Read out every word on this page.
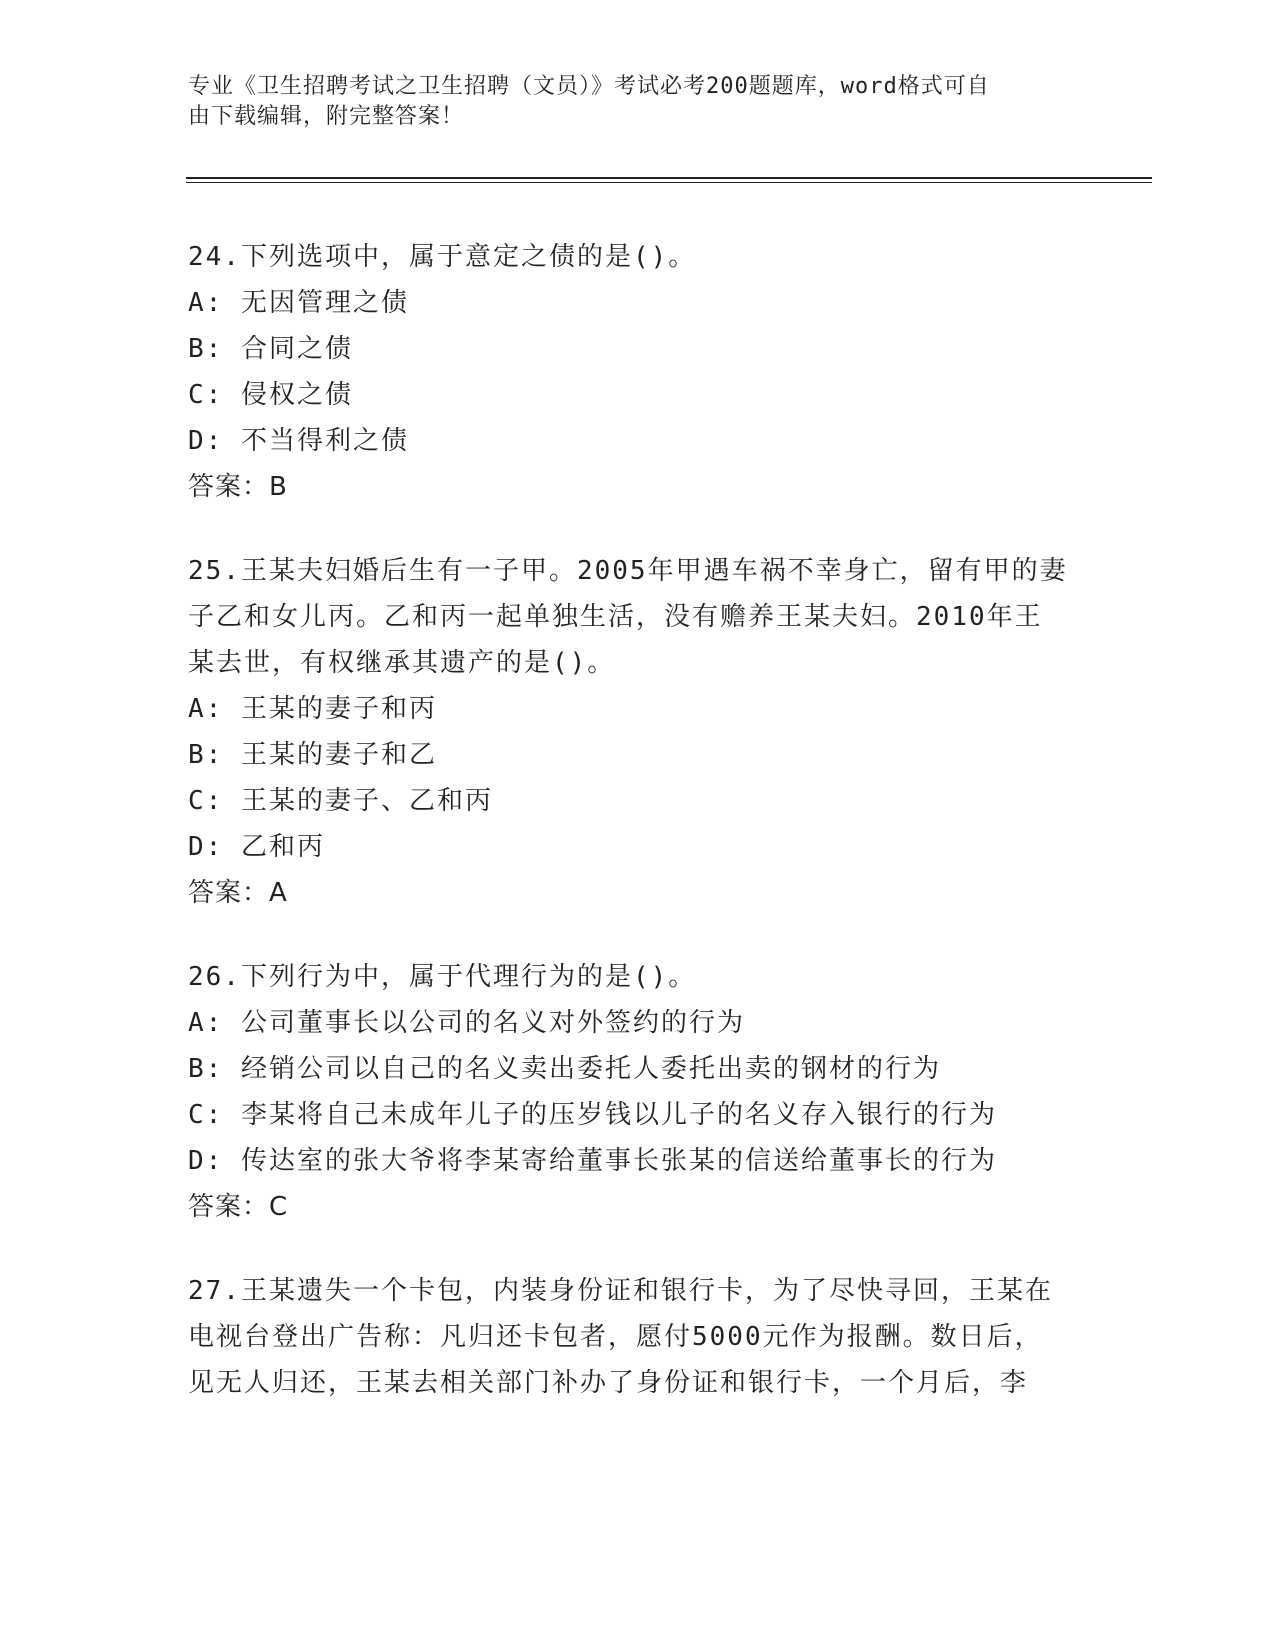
专业《卫生招聘考试之卫生招聘（文员）》考试必考200题题库，word格式可自
由下载编辑，附完整答案！
24.下列选项中，属于意定之债的是()。
A: 无因管理之债
B: 合同之债
C: 侵权之债
D: 不当得利之债
答案：B
25.王某夫妇婚后生有一子甲。2005年甲遇车祸不幸身亡，留有甲的妻
子乙和女儿丙。乙和丙一起单独生活，没有赡养王某夫妇。2010年王
某去世，有权继承其遗产的是()。
A: 王某的妻子和丙
B: 王某的妻子和乙
C: 王某的妻子、乙和丙
D: 乙和丙
答案：A
26.下列行为中，属于代理行为的是()。
A: 公司董事长以公司的名义对外签约的行为
B: 经销公司以自己的名义卖出委托人委托出卖的钢材的行为
C: 李某将自己未成年儿子的压岁钱以儿子的名义存入银行的行为
D: 传达室的张大爷将李某寄给董事长张某的信送给董事长的行为
答案：C
27.王某遗失一个卡包，内装身份证和银行卡，为了尽快寻回，王某在
电视台登出广告称：凡归还卡包者，愿付5000元作为报酬。数日后，
见无人归还，王某去相关部门补办了身份证和银行卡，一个月后，李
